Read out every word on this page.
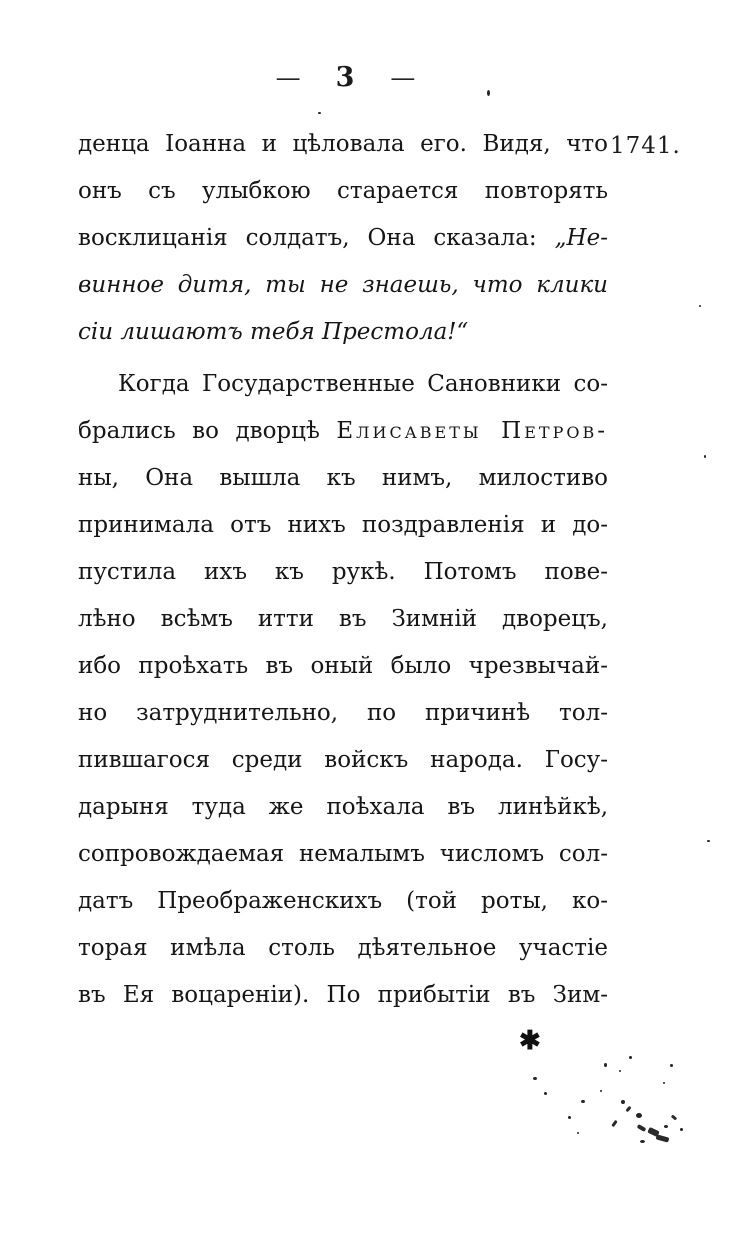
— 3 —
1741.
денца Іоанна и цѣловала его. Видя, что
онъ съ улыбкою старается повторять
восклицанія солдатъ, Она сказала: „Не-
винное дитя, ты не знаешь, что клики
сіи лишаютъ тебя Престола!“
Когда Государственные Сановники со-
брались во дворцѣ Елисаветы Петров-
ны, Она вышла къ нимъ, милостиво
принимала отъ нихъ поздравленія и до-
пустила ихъ къ рукѣ. Потомъ пове-
лѣно всѣмъ итти въ Зимній дворецъ,
ибо проѣхать въ оный было чрезвычай-
но затруднительно, по причинѣ тол-
пившагося среди войскъ народа. Госу-
дарыня туда же поѣхала въ линѣйкѣ,
сопровождаемая немалымъ числомъ сол-
датъ Преображенскихъ (той роты, ко-
торая имѣла столь дѣятельное участіе
въ Ея воцареніи). По прибытіи въ Зим-
✱
